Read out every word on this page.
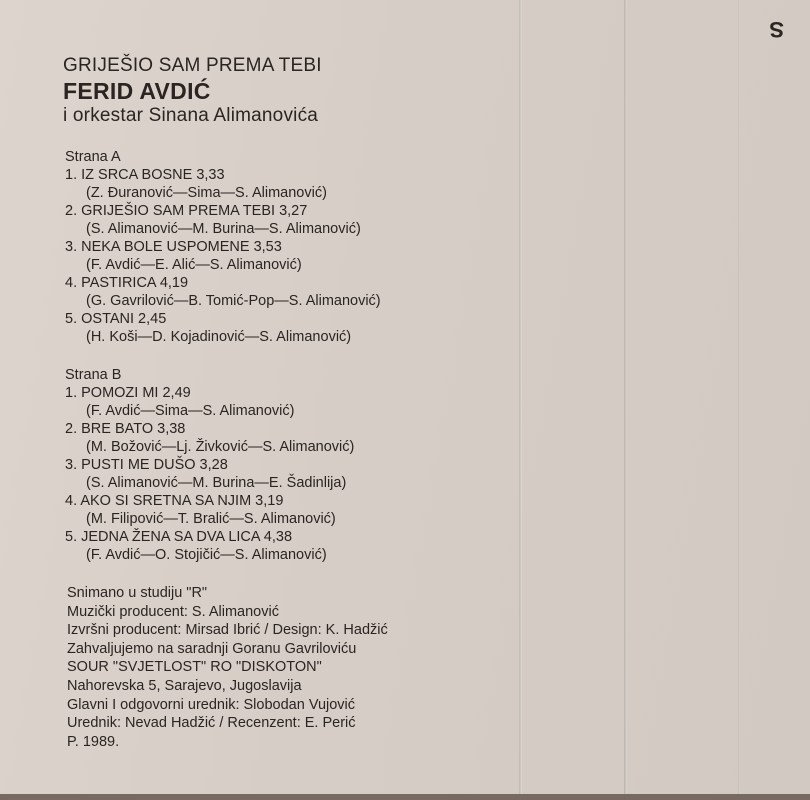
S
GRIJEŠIO SAM PREMA TEBI
FERID AVDIĆ
i orkestar Sinana Alimanovića
Strana A
1. IZ SRCA BOSNE 3,33
(Z. Đuranović—Sima—S. Alimanović)
2. GRIJEŠIO SAM PREMA TEBI 3,27
(S. Alimanović—M. Burina—S. Alimanović)
3. NEKA BOLE USPOMENE 3,53
(F. Avdić—E. Alić—S. Alimanović)
4. PASTIRICA 4,19
(G. Gavrilović—B. Tomić-Pop—S. Alimanović)
5. OSTANI 2,45
(H. Koši—D. Kojadinović—S. Alimanović)
Strana B
1. POMOZI MI 2,49
(F. Avdić—Sima—S. Alimanović)
2. BRE BATO 3,38
(M. Božović—Lj. Živković—S. Alimanović)
3. PUSTI ME DUŠO 3,28
(S. Alimanović—M. Burina—E. Šadinlija)
4. AKO SI SRETNA SA NJIM 3,19
(M. Filipović—T. Bralić—S. Alimanović)
5. JEDNA ŽENA SA DVA LICA 4,38
(F. Avdić—O. Stojičić—S. Alimanović)
Snimano u studiju "R"
Muzički producent: S. Alimanović
Izvršni producent: Mirsad Ibrić / Design: K. Hadžić
Zahvaljujemo na saradnji Goranu Gavriloviću
SOUR "SVJETLOST" RO "DISKOTON"
Nahorevska 5, Sarajevo, Jugoslavija
Glavni I odgovorni urednik: Slobodan Vujović
Urednik: Nevad Hadžić / Recenzent: E. Perić
P. 1989.
